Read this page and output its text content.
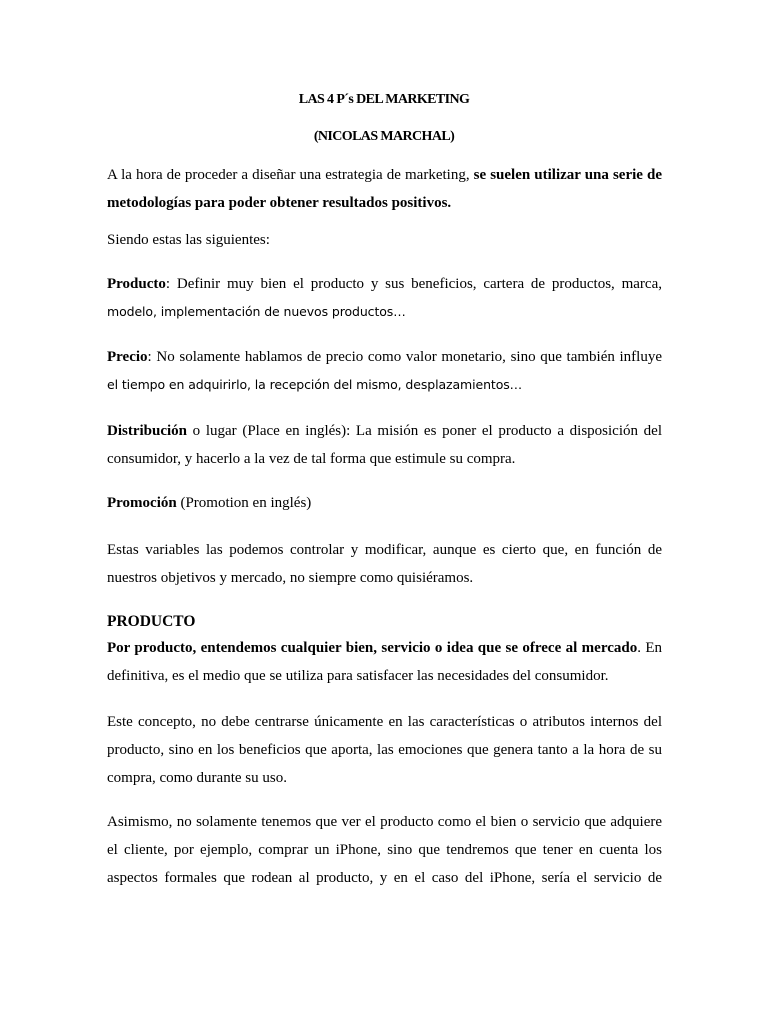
LAS 4 P´s DEL MARKETING
(NICOLAS MARCHAL)
A la hora de proceder a diseñar una estrategia de marketing, se suelen utilizar una serie de
metodologías para poder obtener resultados positivos.
Siendo estas las siguientes:
Producto: Definir muy bien el producto y sus beneficios, cartera de productos, marca,
modelo, implementación de nuevos productos…
Precio: No solamente hablamos de precio como valor monetario, sino que también influye
el tiempo en adquirirlo, la recepción del mismo, desplazamientos…
Distribución o lugar (Place en inglés): La misión es poner el producto a disposición del
consumidor, y hacerlo a la vez de tal forma que estimule su compra.
Promoción (Promotion en inglés)
Estas variables las podemos controlar y modificar, aunque es cierto que, en función de
nuestros objetivos y mercado, no siempre como quisiéramos.
PRODUCTO
Por producto, entendemos cualquier bien, servicio o idea que se ofrece al mercado. En
definitiva, es el medio que se utiliza para satisfacer las necesidades del consumidor.
Este concepto, no debe centrarse únicamente en las características o atributos internos del
producto, sino en los beneficios que aporta, las emociones que genera tanto a la hora de su
compra, como durante su uso.
Asimismo, no solamente tenemos que ver el producto como el bien o servicio que adquiere
el cliente, por ejemplo, comprar un iPhone, sino que tendremos que tener en cuenta los
aspectos formales que rodean al producto, y en el caso del iPhone, sería el servicio de
